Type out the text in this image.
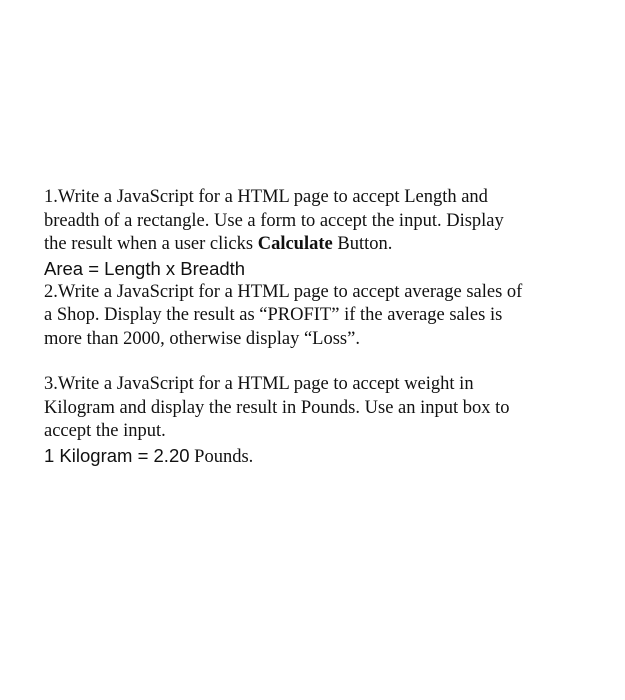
1.Write a JavaScript for a HTML page to accept Length and
breadth of a rectangle. Use a form to accept the input. Display
the result when a user clicks Calculate Button.
Area = Length x Breadth
2.Write a JavaScript for a HTML page to accept average sales of
a Shop. Display the result as “PROFIT” if the average sales is
more than 2000, otherwise display “Loss”.
3.Write a JavaScript for a HTML page to accept weight in
Kilogram and display the result in Pounds. Use an input box to
accept the input.
1 Kilogram = 2.20 Pounds.
